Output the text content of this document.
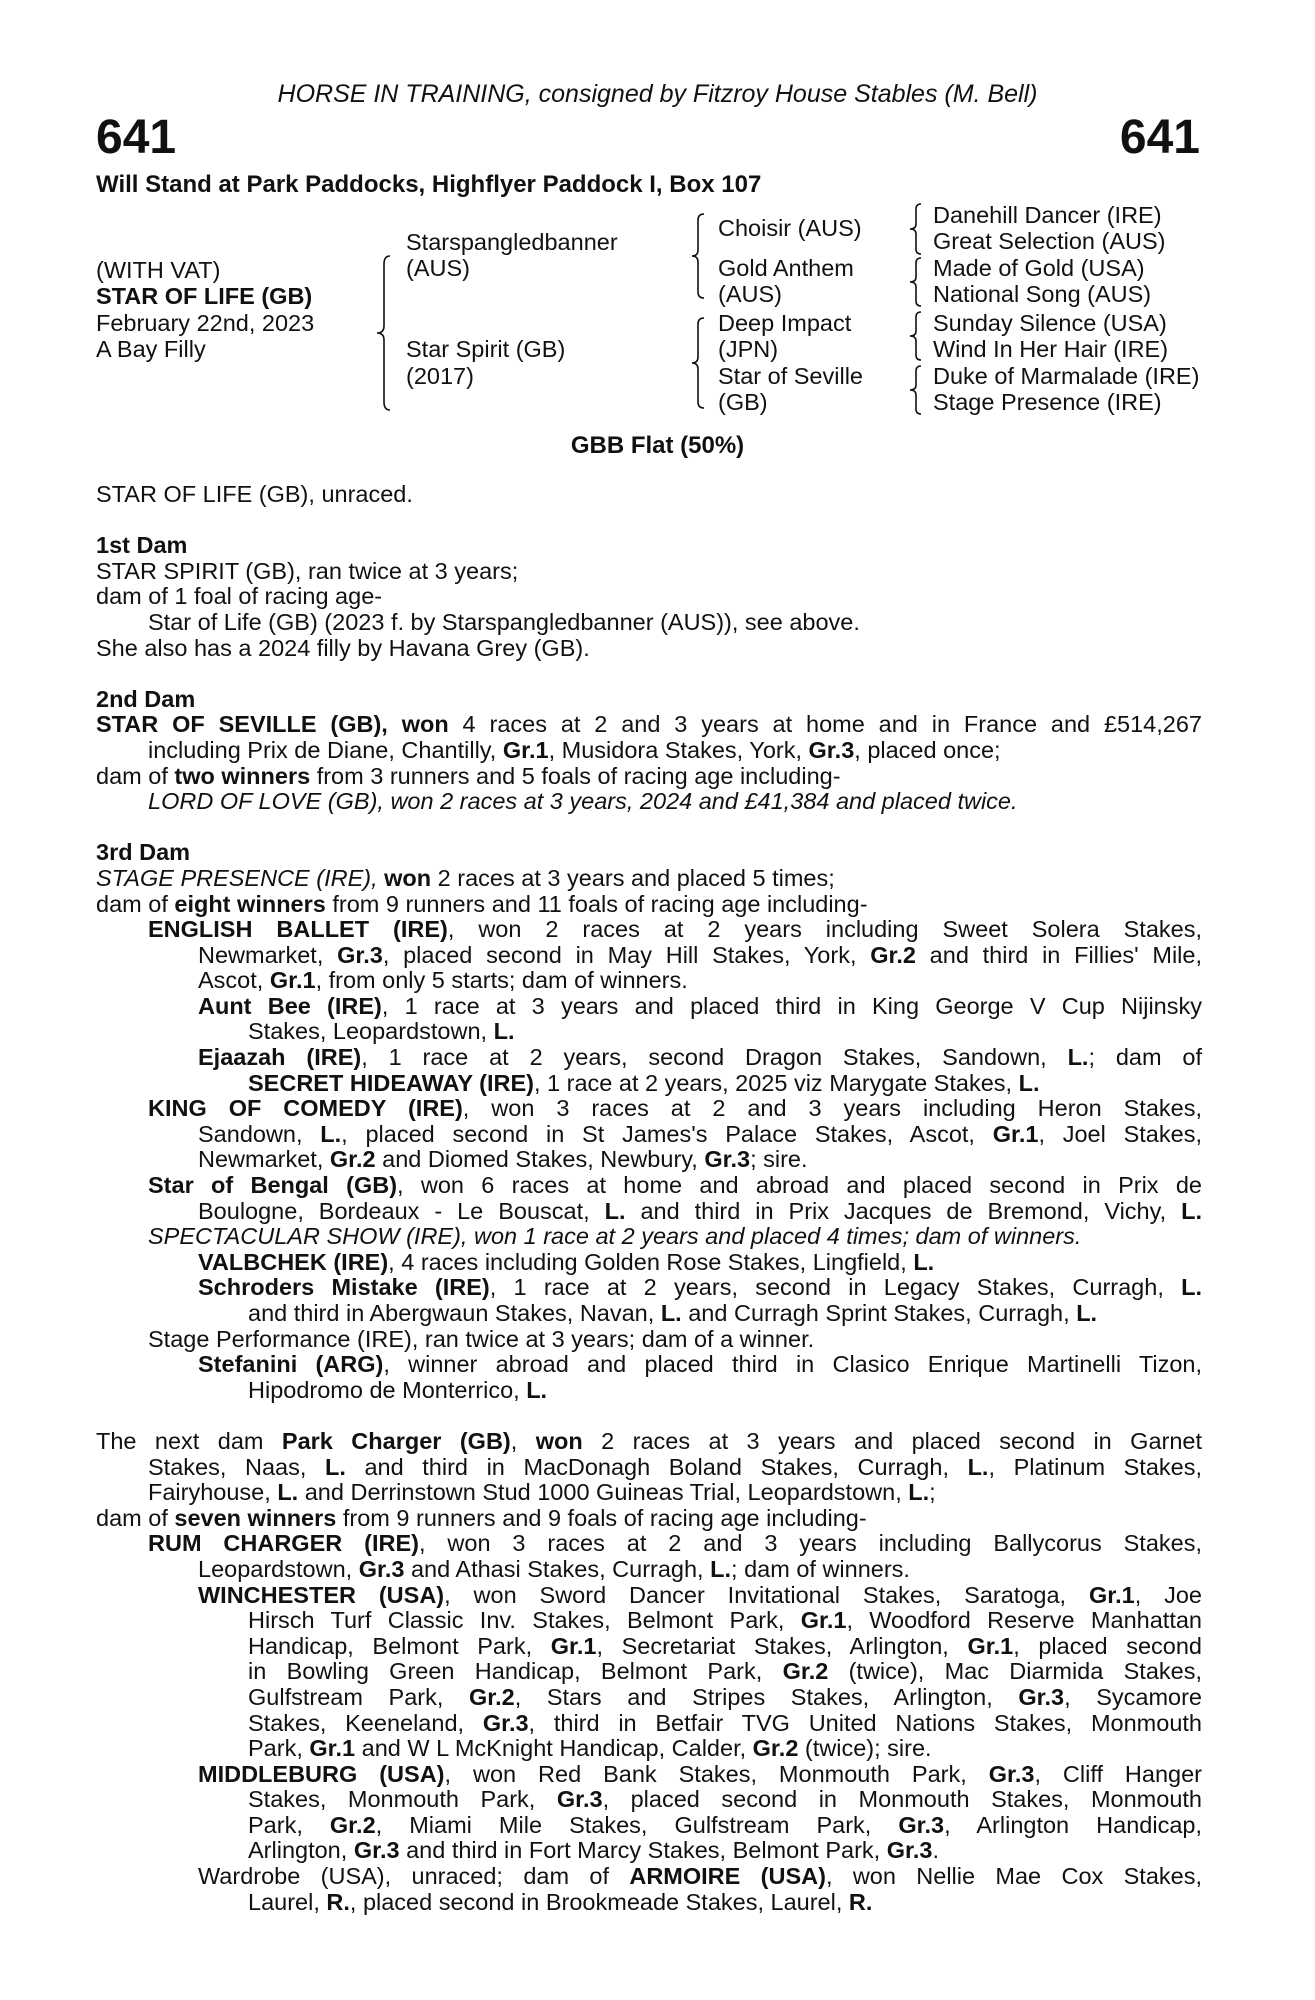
HORSE IN TRAINING, consigned by Fitzroy House Stables (M. Bell)
641	641
Will Stand at Park Paddocks, Highflyer Paddock I, Box 107
(WITH VAT)
STAR OF LIFE (GB)
February 22nd, 2023
A Bay Filly
Starspangledbanner
(AUS)
Star Spirit (GB)
(2017)
Choisir (AUS)
Gold Anthem
(AUS)
Deep Impact
(JPN)
Star of Seville
(GB)
Danehill Dancer (IRE)
Great Selection (AUS)
Made of Gold (USA)
National Song (AUS)
Sunday Silence (USA)
Wind In Her Hair (IRE)
Duke of Marmalade (IRE)
Stage Presence (IRE)
GBB Flat (50%)
STAR OF LIFE (GB), unraced.
1st Dam
STAR SPIRIT (GB), ran twice at 3 years;
dam of 1 foal of racing age-
Star of Life (GB) (2023 f. by Starspangledbanner (AUS)), see above.
She also has a 2024 filly by Havana Grey (GB).
2nd Dam
STAR OF SEVILLE (GB), won 4 races at 2 and 3 years at home and in France and £514,267
including Prix de Diane, Chantilly, Gr.1, Musidora Stakes, York, Gr.3, placed once;
dam of two winners from 3 runners and 5 foals of racing age including-
LORD OF LOVE (GB), won 2 races at 3 years, 2024 and £41,384 and placed twice.
3rd Dam
STAGE PRESENCE (IRE), won 2 races at 3 years and placed 5 times;
dam of eight winners from 9 runners and 11 foals of racing age including-
ENGLISH BALLET (IRE), won 2 races at 2 years including Sweet Solera Stakes,
Newmarket, Gr.3, placed second in May Hill Stakes, York, Gr.2 and third in Fillies' Mile,
Ascot, Gr.1, from only 5 starts; dam of winners.
Aunt Bee (IRE), 1 race at 3 years and placed third in King George V Cup Nijinsky
Stakes, Leopardstown, L.
Ejaazah (IRE), 1 race at 2 years, second Dragon Stakes, Sandown, L.; dam of
SECRET HIDEAWAY (IRE), 1 race at 2 years, 2025 viz Marygate Stakes, L.
KING OF COMEDY (IRE), won 3 races at 2 and 3 years including Heron Stakes,
Sandown, L., placed second in St James's Palace Stakes, Ascot, Gr.1, Joel Stakes,
Newmarket, Gr.2 and Diomed Stakes, Newbury, Gr.3; sire.
Star of Bengal (GB), won 6 races at home and abroad and placed second in Prix de
Boulogne, Bordeaux - Le Bouscat, L. and third in Prix Jacques de Bremond, Vichy, L.
SPECTACULAR SHOW (IRE), won 1 race at 2 years and placed 4 times; dam of winners.
VALBCHEK (IRE), 4 races including Golden Rose Stakes, Lingfield, L.
Schroders Mistake (IRE), 1 race at 2 years, second in Legacy Stakes, Curragh, L.
and third in Abergwaun Stakes, Navan, L. and Curragh Sprint Stakes, Curragh, L.
Stage Performance (IRE), ran twice at 3 years; dam of a winner.
Stefanini (ARG), winner abroad and placed third in Clasico Enrique Martinelli Tizon,
Hipodromo de Monterrico, L.
The next dam Park Charger (GB), won 2 races at 3 years and placed second in Garnet
Stakes, Naas, L. and third in MacDonagh Boland Stakes, Curragh, L., Platinum Stakes,
Fairyhouse, L. and Derrinstown Stud 1000 Guineas Trial, Leopardstown, L.;
dam of seven winners from 9 runners and 9 foals of racing age including-
RUM CHARGER (IRE), won 3 races at 2 and 3 years including Ballycorus Stakes,
Leopardstown, Gr.3 and Athasi Stakes, Curragh, L.; dam of winners.
WINCHESTER (USA), won Sword Dancer Invitational Stakes, Saratoga, Gr.1, Joe
Hirsch Turf Classic Inv. Stakes, Belmont Park, Gr.1, Woodford Reserve Manhattan
Handicap, Belmont Park, Gr.1, Secretariat Stakes, Arlington, Gr.1, placed second
in Bowling Green Handicap, Belmont Park, Gr.2 (twice), Mac Diarmida Stakes,
Gulfstream Park, Gr.2, Stars and Stripes Stakes, Arlington, Gr.3, Sycamore
Stakes, Keeneland, Gr.3, third in Betfair TVG United Nations Stakes, Monmouth
Park, Gr.1 and W L McKnight Handicap, Calder, Gr.2 (twice); sire.
MIDDLEBURG (USA), won Red Bank Stakes, Monmouth Park, Gr.3, Cliff Hanger
Stakes, Monmouth Park, Gr.3, placed second in Monmouth Stakes, Monmouth
Park, Gr.2, Miami Mile Stakes, Gulfstream Park, Gr.3, Arlington Handicap,
Arlington, Gr.3 and third in Fort Marcy Stakes, Belmont Park, Gr.3.
Wardrobe (USA), unraced; dam of ARMOIRE (USA), won Nellie Mae Cox Stakes,
Laurel, R., placed second in Brookmeade Stakes, Laurel, R.
